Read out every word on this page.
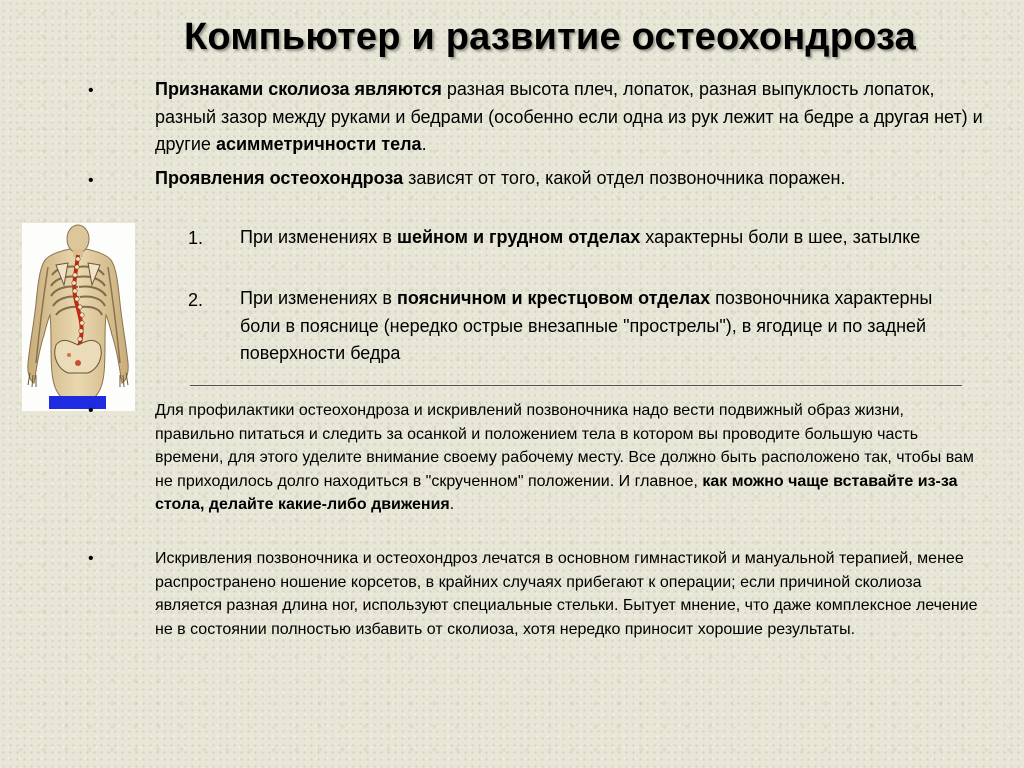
Компьютер и развитие остеохондроза
•	Признаками сколиоза являются разная высота плеч, лопаток, разная выпуклость лопаток, разный зазор между руками и бедрами (особенно если одна из рук лежит на бедре а другая нет) и другие асимметричности тела.
•	Проявления остеохондроза зависят от того, какой отдел позвоночника поражен.
1. При изменениях в шейном и грудном отделах характерны боли в шее, затылке
2. При изменениях в поясничном и крестцовом отделах позвоночника характерны боли в пояснице (нередко острые внезапные "прострелы"), в ягодице и по задней поверхности бедра
•	Для профилактики остеохондроза и искривлений позвоночника надо вести подвижный образ жизни, правильно питаться и следить за осанкой и положением тела в котором вы проводите большую часть времени, для этого уделите внимание своему рабочему месту. Все должно быть расположено так, чтобы вам не приходилось долго находиться в "скрученном" положении. И главное, как можно чаще вставайте из-за стола, делайте какие-либо движения.
•	Искривления позвоночника и остеохондроз лечатся в основном гимнастикой и мануальной терапией, менее распространено ношение корсетов, в крайних случаях прибегают к операции; если причиной сколиоза является разная длина ног, используют специальные стельки. Бытует мнение, что даже комплексное лечение не в состоянии полностью избавить от сколиоза, хотя нередко приносит хорошие результаты.
